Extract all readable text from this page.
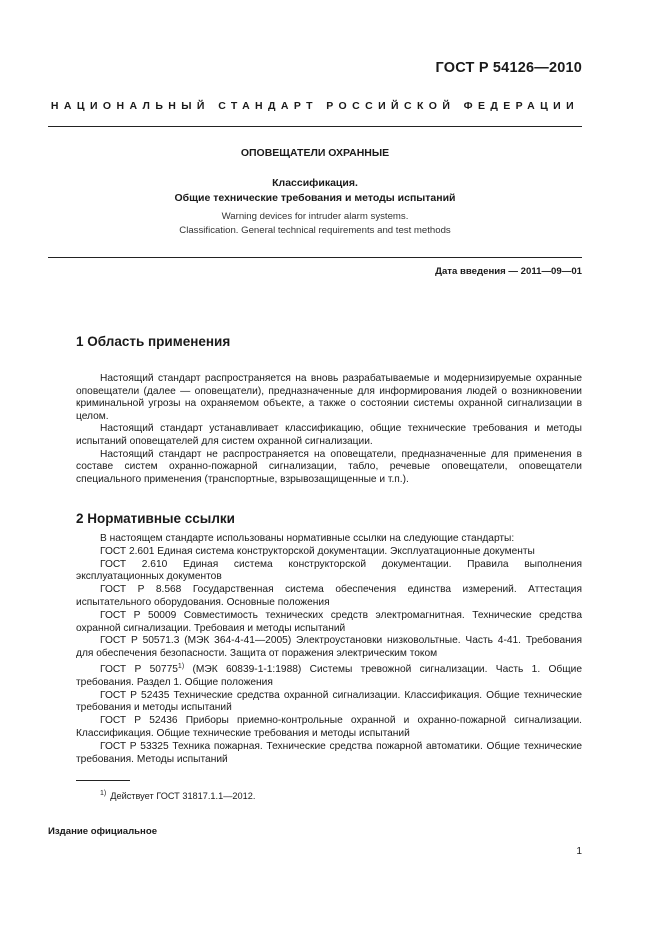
ГОСТ Р 54126—2010
НАЦИОНАЛЬНЫЙ СТАНДАРТ РОССИЙСКОЙ ФЕДЕРАЦИИ
ОПОВЕЩАТЕЛИ ОХРАННЫЕ
Классификация.
Общие технические требования и методы испытаний
Warning devices for intruder alarm systems.
Classification. General technical requirements and test methods
Дата введения — 2011—09—01
1 Область применения

Настоящий стандарт распространяется на вновь разрабатываемые и модернизируемые охранные оповещатели (далее — оповещатели), предназначенные для информирования людей о возникновении криминальной угрозы на охраняемом объекте, а также о состоянии системы охранной сигнализации в целом.

Настоящий стандарт устанавливает классификацию, общие технические требования и методы испытаний оповещателей для систем охранной сигнализации.

Настоящий стандарт не распространяется на оповещатели, предназначенные для применения в составе систем охранно-пожарной сигнализации, табло, речевые оповещатели, оповещатели специального применения (транспортные, взрывозащищенные и т.п.).

2 Нормативные ссылки

В настоящем стандарте использованы нормативные ссылки на следующие стандарты:

ГОСТ 2.601 Единая система конструкторской документации. Эксплуатационные документы

ГОСТ 2.610 Единая система конструкторской документации. Правила выполнения эксплуатационных документов

ГОСТ Р 8.568 Государственная система обеспечения единства измерений. Аттестация испытательного оборудования. Основные положения

ГОСТ Р 50009 Совместимость технических средств электромагнитная. Технические средства охранной сигнализации. Требоваия и методы испытаний

ГОСТ Р 50571.3 (МЭК 364-4-41—2005) Электроустановки низковольтные. Часть 4-41. Требования для обеспечения безопасности. Защита от поражения электрическим током

ГОСТ Р 50775$^{1)}$ (МЭК 60839-1-1:1988) Системы тревожной сигнализации. Часть 1. Общие требования. Раздел 1. Общие положения

ГОСТ Р 52435 Технические средства охранной сигнализации. Классификация. Общие технические требования и методы испытаний

ГОСТ Р 52436 Приборы приемно-контрольные охранной и охранно-пожарной сигнализации. Классификация. Общие технические требования и методы испытаний

ГОСТ Р 53325 Техника пожарная. Технические средства пожарной автоматики. Общие технические требования. Методы испытаний

$^{1)}$ Действует ГОСТ 31817.1.1—2012.
Издание официальное
1
